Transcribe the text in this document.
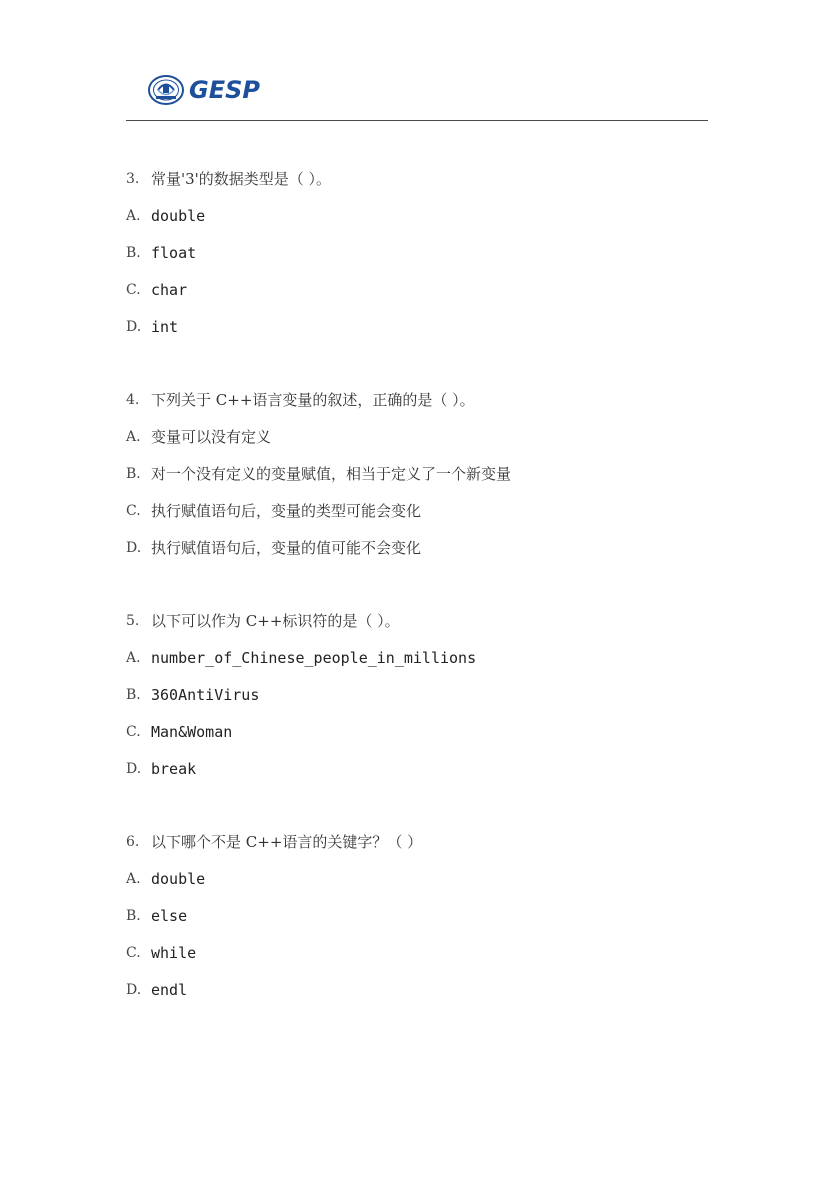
GESP
3. 常量'3'的数据类型是（ ）。
A. double
B. float
C. char
D. int
4. 下列关于 C++语言变量的叙述，正确的是（ ）。
A. 变量可以没有定义
B. 对一个没有定义的变量赋值，相当于定义了一个新变量
C. 执行赋值语句后，变量的类型可能会变化
D. 执行赋值语句后，变量的值可能不会变化
5. 以下可以作为 C++标识符的是（ ）。
A. number_of_Chinese_people_in_millions
B. 360AntiVirus
C. Man&Woman
D. break
6. 以下哪个不是 C++语言的关键字？（ ）
A. double
B. else
C. while
D. endl
